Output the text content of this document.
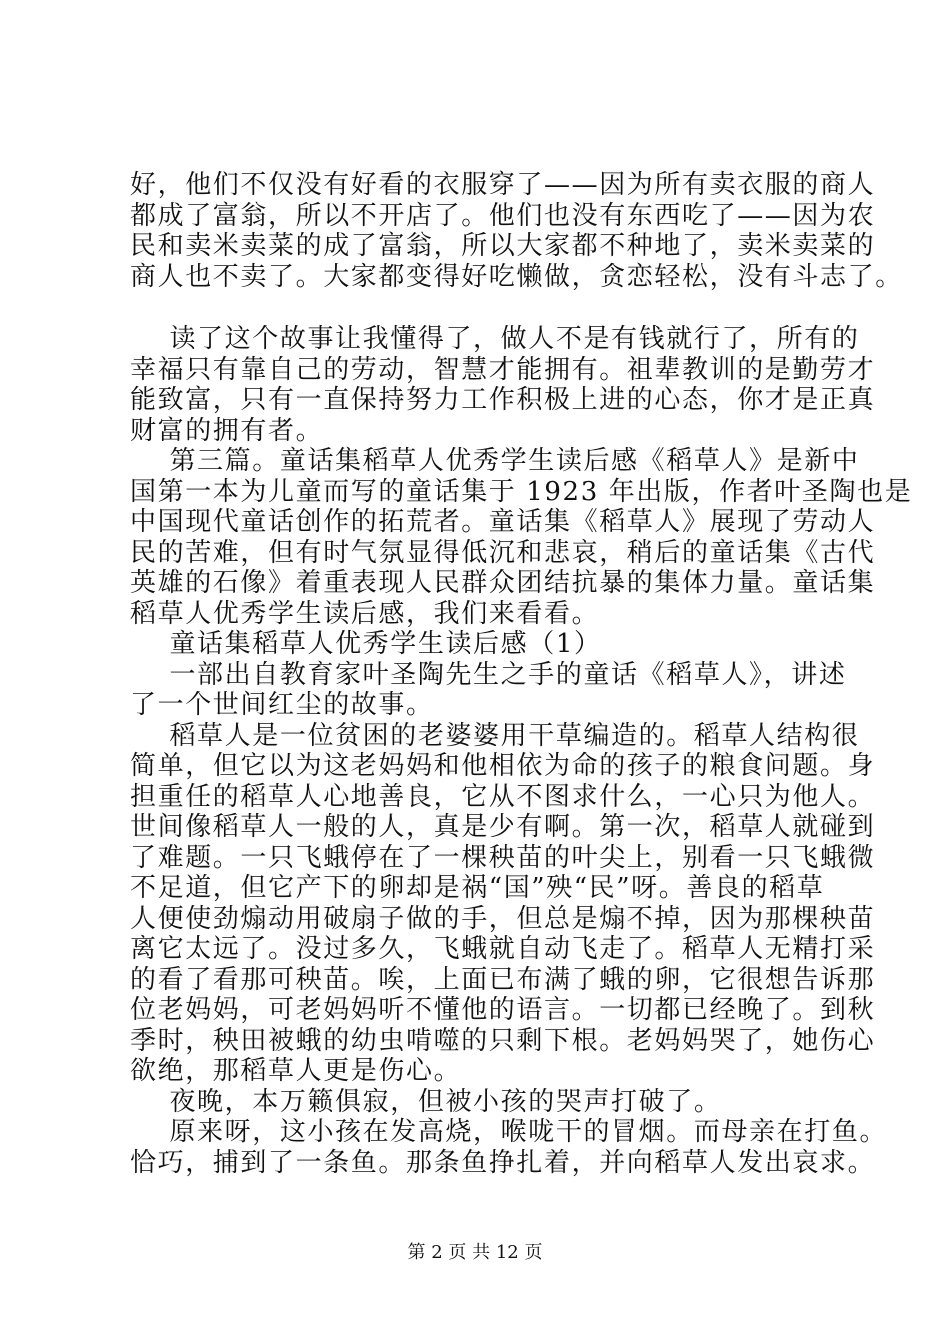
好，他们不仅没有好看的衣服穿了——因为所有卖衣服的商人

都成了富翁，所以不开店了。他们也没有东西吃了——因为农

民和卖米卖菜的成了富翁，所以大家都不种地了，卖米卖菜的

商人也不卖了。大家都变得好吃懒做，贪恋轻松，没有斗志了。

读了这个故事让我懂得了，做人不是有钱就行了，所有的

幸福只有靠自己的劳动，智慧才能拥有。祖辈教训的是勤劳才

能致富，只有一直保持努力工作积极上进的心态，你才是正真

财富的拥有者。

第三篇。童话集稻草人优秀学生读后感《稻草人》是新中

国第一本为儿童而写的童话集于 1923 年出版，作者叶圣陶也是

中国现代童话创作的拓荒者。童话集《稻草人》展现了劳动人

民的苦难，但有时气氛显得低沉和悲哀，稍后的童话集《古代

英雄的石像》着重表现人民群众团结抗暴的集体力量。童话集

稻草人优秀学生读后感，我们来看看。

童话集稻草人优秀学生读后感（1）

一部出自教育家叶圣陶先生之手的童话《稻草人》，讲述

了一个世间红尘的故事。

稻草人是一位贫困的老婆婆用干草编造的。稻草人结构很

简单，但它以为这老妈妈和他相依为命的孩子的粮食问题。身

担重任的稻草人心地善良，它从不图求什么，一心只为他人。

世间像稻草人一般的人，真是少有啊。第一次，稻草人就碰到

了难题。一只飞蛾停在了一棵秧苗的叶尖上，别看一只飞蛾微

不足道，但它产下的卵却是祸“国”殃“民”呀。善良的稻草

人便使劲煽动用破扇子做的手，但总是煽不掉，因为那棵秧苗

离它太远了。没过多久，飞蛾就自动飞走了。稻草人无精打采

的看了看那可秧苗。唉，上面已布满了蛾的卵，它很想告诉那

位老妈妈，可老妈妈听不懂他的语言。一切都已经晚了。到秋

季时，秧田被蛾的幼虫啃噬的只剩下根。老妈妈哭了，她伤心

欲绝，那稻草人更是伤心。

夜晚，本万籁俱寂，但被小孩的哭声打破了。

原来呀，这小孩在发高烧，喉咙干的冒烟。而母亲在打鱼。

恰巧，捕到了一条鱼。那条鱼挣扎着，并向稻草人发出哀求。

第 2 页 共 12 页
